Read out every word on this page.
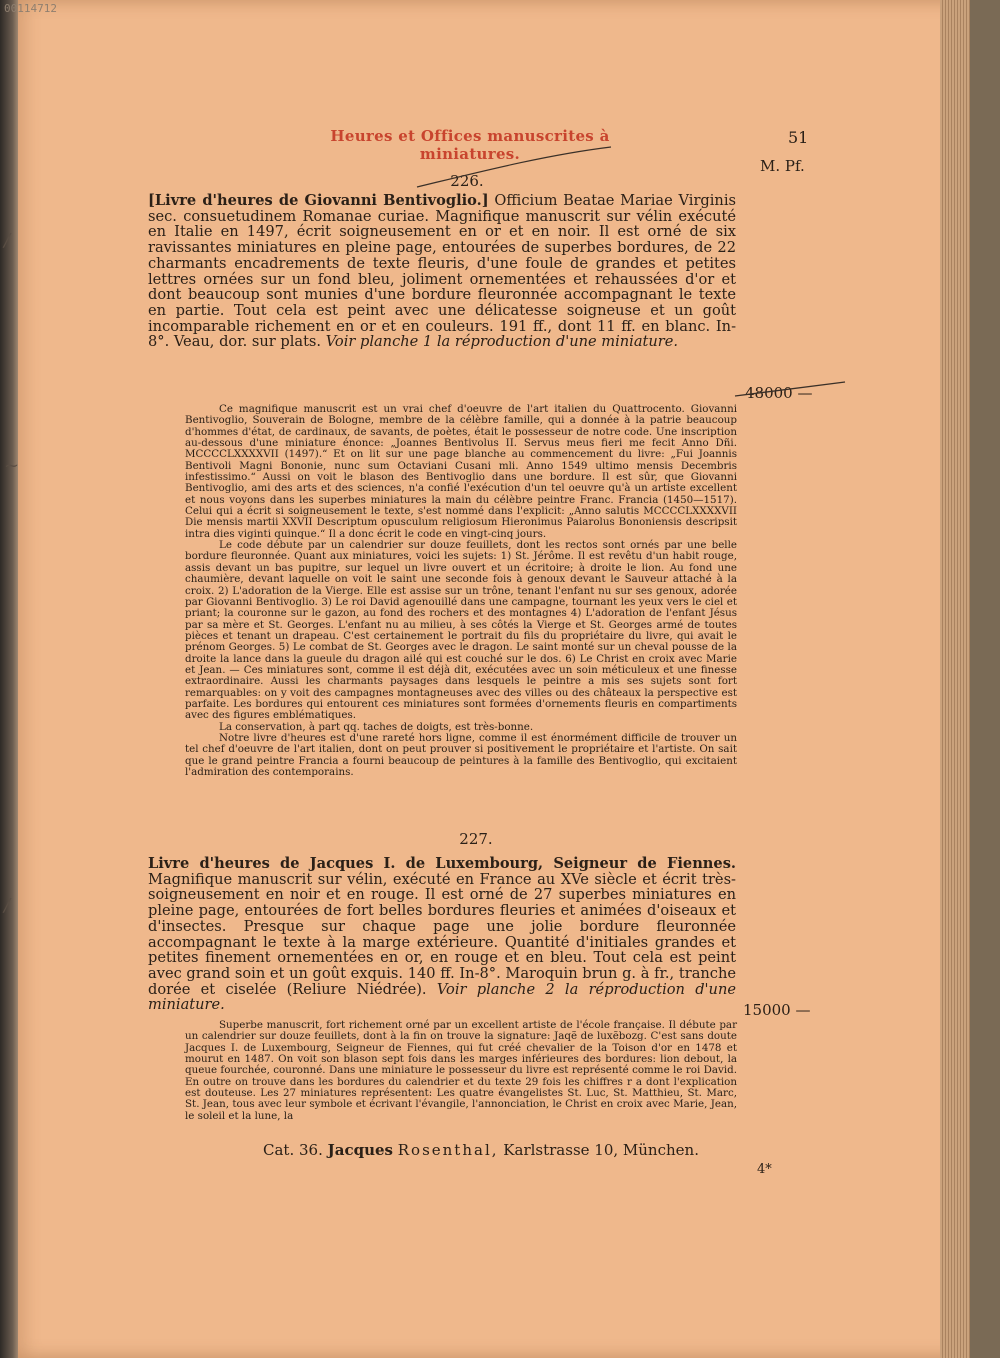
00114712
Heures et Offices manuscrites à miniatures.
51
M. Pf.
226.
[Livre d'heures de Giovanni Bentivoglio.] Officium Beatae Mariae Virginis sec. consuetudinem Romanae curiae. Magnifique manuscrit sur vélin exécuté en Italie en 1497, écrit soigneusement en or et en noir. Il est orné de six ravissantes miniatures en pleine page, entourées de superbes bordures, de 22 charmants encadrements de texte fleuris, d'une foule de grandes et petites lettres ornées sur un fond bleu, joliment ornementées et rehaussées d'or et dont beaucoup sont munies d'une bordure fleuronnée accompagnant le texte en partie. Tout cela est peint avec une délicatesse soigneuse et un goût incomparable richement en or et en couleurs. 191 ff., dont 11 ff. en blanc. In-8°. Veau, dor. sur plats. Voir planche 1 la réproduction d'une miniature.
48000 —

Ce magnifique manuscrit est un vrai chef d'oeuvre de l'art italien du Quattrocento. Giovanni Bentivoglio, Souverain de Bologne, membre de la célèbre famille, qui a donnée à la patrie beaucoup d'hommes d'état, de cardinaux, de savants, de poètes, était le possesseur de notre code. Une inscription au-dessous d'une miniature énonce: „Joannes Bentivolus II. Servus meus fieri me fecit Anno Dñi. MCCCCLXXXXVII (1497).“ Et on lit sur une page blanche au commencement du livre: „Fui Joannis Bentivoli Magni Bononie, nunc sum Octaviani Cusani mli. Anno 1549 ultimo mensis Decembris infestissimo.“ Aussi on voit le blason des Bentivoglio dans une bordure. Il est sûr, que Giovanni Bentivoglio, ami des arts et des sciences, n'a confié l'exécution d'un tel oeuvre qu'à un artiste excellent et nous voyons dans les superbes miniatures la main du célèbre peintre Franc. Francia (1450—1517). Celui qui a écrit si soigneusement le texte, s'est nommé dans l'explicit: „Anno salutis MCCCCLXXXXVII Die mensis martii XXVII Descriptum opusculum religiosum Hieronimus Paiarolus Bononiensis descripsit intra dies viginti quinque.“ Il a donc écrit le code en vingt-cinq jours.

Le code débute par un calendrier sur douze feuillets, dont les rectos sont ornés par une belle bordure fleuronnée. Quant aux miniatures, voici les sujets: 1) St. Jérôme. Il est revêtu d'un habit rouge, assis devant un bas pupitre, sur lequel un livre ouvert et un écritoire; à droite le lion. Au fond une chaumière, devant laquelle on voit le saint une seconde fois à genoux devant le Sauveur attaché à la croix. 2) L'adoration de la Vierge. Elle est assise sur un trône, tenant l'enfant nu sur ses genoux, adorée par Giovanni Bentivoglio. 3) Le roi David agenouillé dans une campagne, tournant les yeux vers le ciel et priant; la couronne sur le gazon, au fond des rochers et des montagnes 4) L'adoration de l'enfant Jésus par sa mère et St. Georges. L'enfant nu au milieu, à ses côtés la Vierge et St. Georges armé de toutes pièces et tenant un drapeau. C'est certainement le portrait du fils du propriétaire du livre, qui avait le prénom Georges. 5) Le combat de St. Georges avec le dragon. Le saint monté sur un cheval pousse de la droite la lance dans la gueule du dragon ailé qui est couché sur le dos. 6) Le Christ en croix avec Marie et Jean. — Ces miniatures sont, comme il est déjà dit, exécutées avec un soin méticuleux et une finesse extraordinaire. Aussi les charmants paysages dans lesquels le peintre a mis ses sujets sont fort remarquables: on y voit des campagnes montagneuses avec des villes ou des châteaux la perspective est parfaite. Les bordures qui entourent ces miniatures sont formées d'ornements fleuris en compartiments avec des figures emblématiques.

La conservation, à part qq. taches de doigts, est très-bonne.

Notre livre d'heures est d'une rareté hors ligne, comme il est énormément difficile de trouver un tel chef d'oeuvre de l'art italien, dont on peut prouver si positivement le propriétaire et l'artiste. On sait que le grand peintre Francia a fourni beaucoup de peintures à la famille des Bentivoglio, qui excitaient l'admiration des contemporains.

227.
Livre d'heures de Jacques I. de Luxembourg, Seigneur de Fiennes. Magnifique manuscrit sur vélin, exécuté en France au XVe siècle et écrit très-soigneusement en noir et en rouge. Il est orné de 27 superbes miniatures en pleine page, entourées de fort belles bordures fleuries et animées d'oiseaux et d'insectes. Presque sur chaque page une jolie bordure fleuronnée accompagnant le texte à la marge extérieure. Quantité d'initiales grandes et petites finement ornementées en or, en rouge et en bleu. Tout cela est peint avec grand soin et un goût exquis. 140 ff. In-8°. Maroquin brun g. à fr., tranche dorée et ciselée (Reliure Niédrée). Voir planche 2 la réproduction d'une miniature.	15000 —

Superbe manuscrit, fort richement orné par un excellent artiste de l'école française. Il débute par un calendrier sur douze feuillets, dont à la fin on trouve la signature: Jaqẽ de luxẽbozg. C'est sans doute Jacques I. de Luxembourg, Seigneur de Fiennes, qui fut créé chevalier de la Toison d'or en 1478 et mourut en 1487. On voit son blason sept fois dans les marges inférieures des bordures: lion debout, la queue fourchée, couronné. Dans une miniature le possesseur du livre est représenté comme le roi David. En outre on trouve dans les bordures du calendrier et du texte 29 fois les chiffres r a dont l'explication est douteuse. Les 27 miniatures représentent: Les quatre évangelistes St. Luc, St. Matthieu, St. Marc, St. Jean, tous avec leur symbole et écrivant l'évangile, l'annonciation, le Christ en croix avec Marie, Jean, le soleil et la lune, la

Cat. 36. Jacques Rosenthal, Karlstrasse 10, München.
4*
/
~
/
